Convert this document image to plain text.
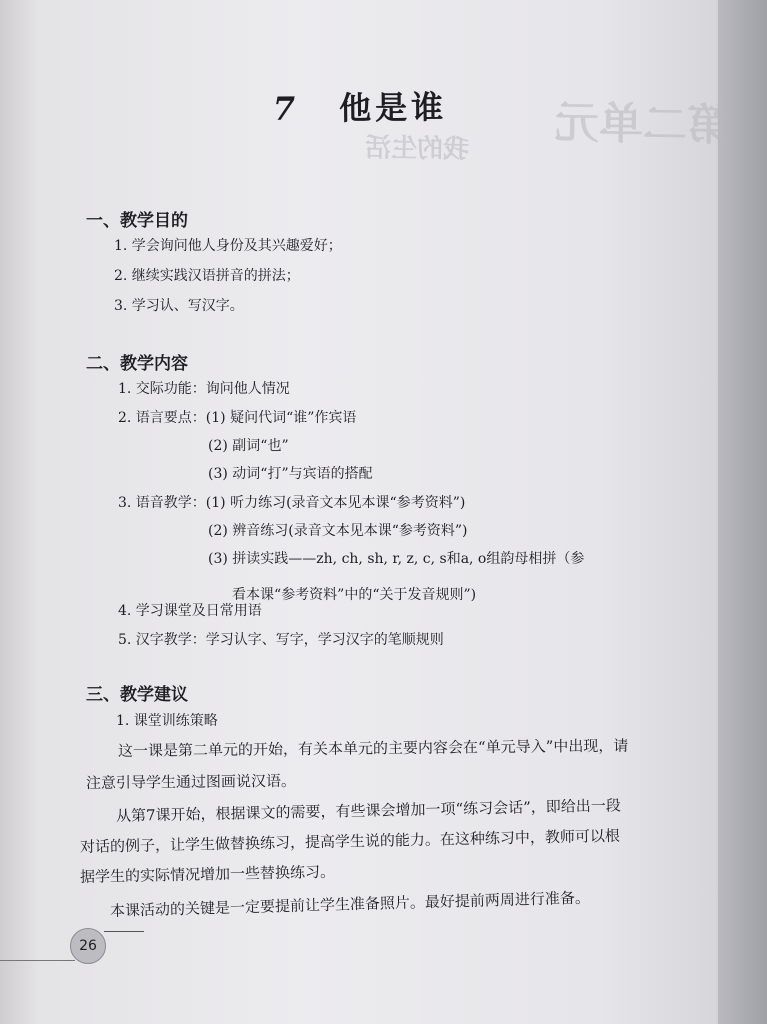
第二单元
我的生活
7 他是谁
一、教学目的
1. 学会询问他人身份及其兴趣爱好；
2. 继续实践汉语拼音的拼法；
3. 学习认、写汉字。
二、教学内容
1. 交际功能：询问他人情况
2. 语言要点：(1) 疑问代词“谁”作宾语
(2) 副词“也”
(3) 动词“打”与宾语的搭配
3. 语音教学：(1) 听力练习(录音文本见本课“参考资料”)
(2) 辨音练习(录音文本见本课“参考资料”)
(3) 拼读实践——zh, ch, sh, r, z, c, s和a, o组韵母相拼（参
看本课“参考资料”中的“关于发音规则”)
4. 学习课堂及日常用语
5. 汉字教学：学习认字、写字，学习汉字的笔顺规则
三、教学建议
1. 课堂训练策略
这一课是第二单元的开始，有关本单元的主要内容会在“单元导入”中出现，请
注意引导学生通过图画说汉语。
从第7课开始，根据课文的需要，有些课会增加一项“练习会话”，即给出一段
对话的例子，让学生做替换练习，提高学生说的能力。在这种练习中，教师可以根
据学生的实际情况增加一些替换练习。
本课活动的关键是一定要提前让学生准备照片。最好提前两周进行准备。
26
